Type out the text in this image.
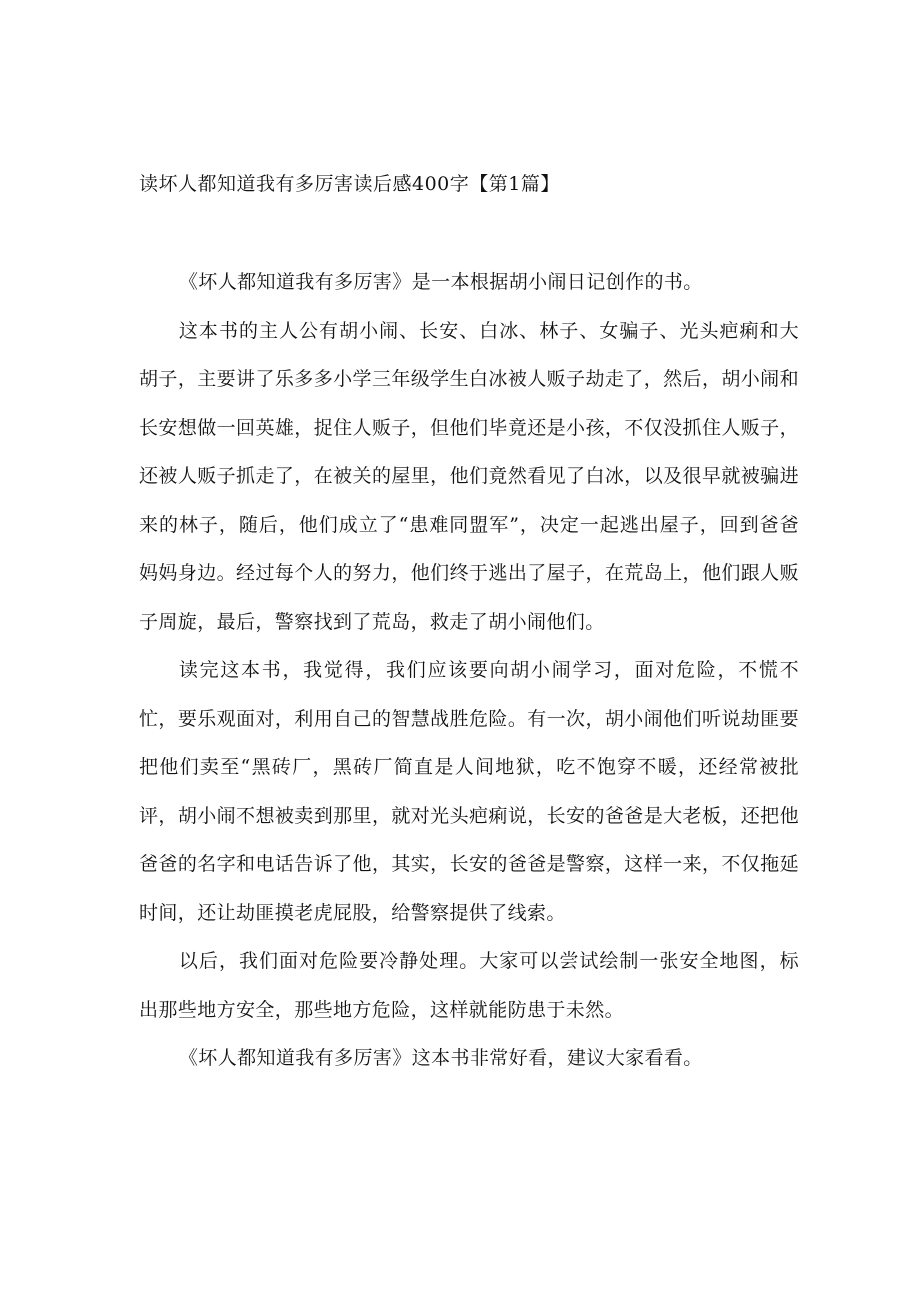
读坏人都知道我有多厉害读后感400字【第1篇】

《坏人都知道我有多厉害》是一本根据胡小闹日记创作的书。

这本书的主人公有胡小闹、长安、白冰、林子、女骗子、光头疤痢和大胡子，主要讲了乐多多小学三年级学生白冰被人贩子劫走了，然后，胡小闹和长安想做一回英雄，捉住人贩子，但他们毕竟还是小孩，不仅没抓住人贩子，还被人贩子抓走了，在被关的屋里，他们竟然看见了白冰，以及很早就被骗进来的林子，随后，他们成立了“患难同盟军”，决定一起逃出屋子，回到爸爸妈妈身边。经过每个人的努力，他们终于逃出了屋子，在荒岛上，他们跟人贩子周旋，最后，警察找到了荒岛，救走了胡小闹他们。

读完这本书，我觉得，我们应该要向胡小闹学习，面对危险，不慌不忙，要乐观面对，利用自己的智慧战胜危险。有一次，胡小闹他们听说劫匪要把他们卖至“黑砖厂，黑砖厂简直是人间地狱，吃不饱穿不暖，还经常被批评，胡小闹不想被卖到那里，就对光头疤痢说，长安的爸爸是大老板，还把他爸爸的名字和电话告诉了他，其实，长安的爸爸是警察，这样一来，不仅拖延时间，还让劫匪摸老虎屁股，给警察提供了线索。

以后，我们面对危险要冷静处理。大家可以尝试绘制一张安全地图，标出那些地方安全，那些地方危险，这样就能防患于未然。

《坏人都知道我有多厉害》这本书非常好看，建议大家看看。
